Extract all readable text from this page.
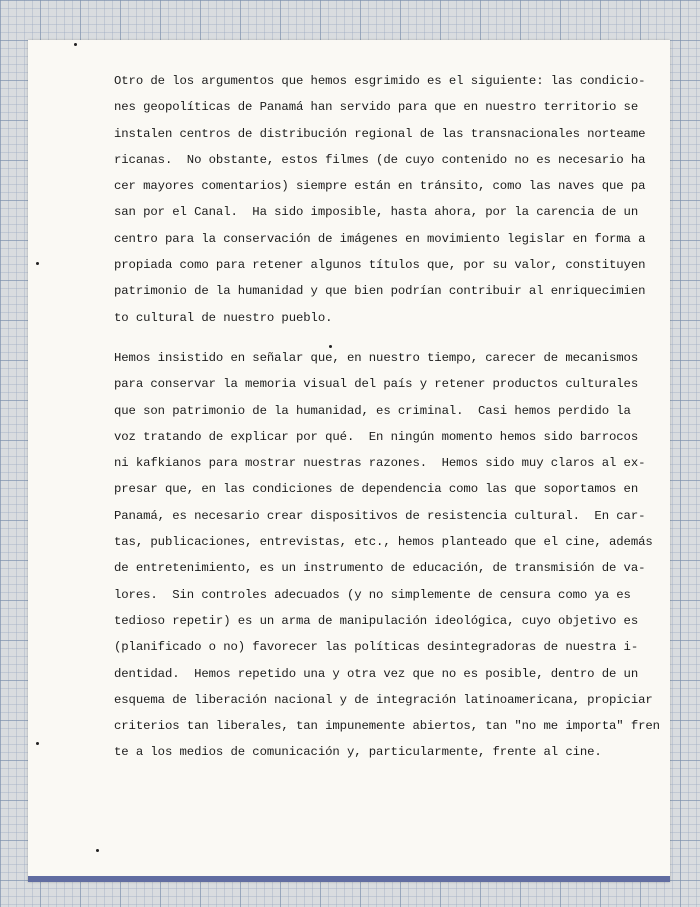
Otro de los argumentos que hemos esgrimido es el siguiente: las condicio-
nes geopolíticas de Panamá han servido para que en nuestro territorio se
instalen centros de distribución regional de las transnacionales norteame
ricanas.  No obstante, estos filmes (de cuyo contenido no es necesario ha
cer mayores comentarios) siempre están en tránsito, como las naves que pa
san por el Canal.  Ha sido imposible, hasta ahora, por la carencia de un
centro para la conservación de imágenes en movimiento legislar en forma a
propiada como para retener algunos títulos que, por su valor, constituyen
patrimonio de la humanidad y que bien podrían contribuir al enriquecimien
to cultural de nuestro pueblo.
Hemos insistido en señalar que, en nuestro tiempo, carecer de mecanismos
para conservar la memoria visual del país y retener productos culturales
que son patrimonio de la humanidad, es criminal.  Casi hemos perdido la
voz tratando de explicar por qué.  En ningún momento hemos sido barrocos
ni kafkianos para mostrar nuestras razones.  Hemos sido muy claros al ex-
presar que, en las condiciones de dependencia como las que soportamos en
Panamá, es necesario crear dispositivos de resistencia cultural.  En car-
tas, publicaciones, entrevistas, etc., hemos planteado que el cine, además
de entretenimiento, es un instrumento de educación, de transmisión de va-
lores.  Sin controles adecuados (y no simplemente de censura como ya es
tedioso repetir) es un arma de manipulación ideológica, cuyo objetivo es
(planificado o no) favorecer las políticas desintegradoras de nuestra i-
dentidad.  Hemos repetido una y otra vez que no es posible, dentro de un
esquema de liberación nacional y de integración latinoamericana, propiciar
criterios tan liberales, tan impunemente abiertos, tan "no me importa" fren
te a los medios de comunicación y, particularmente, frente al cine.
